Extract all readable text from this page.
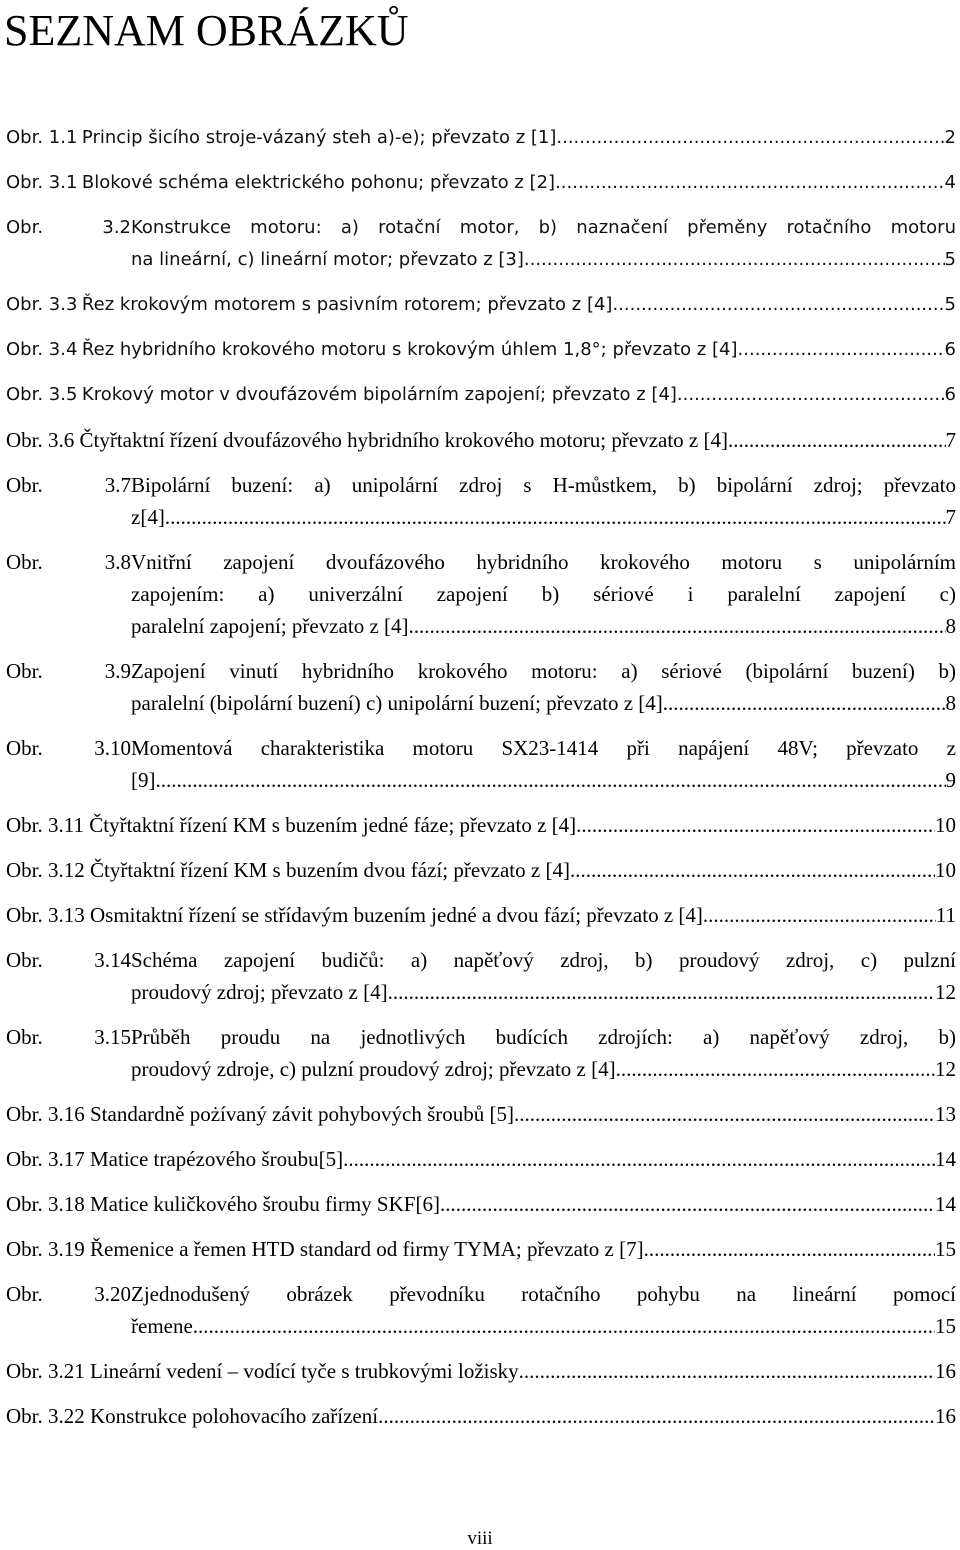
SEZNAM OBRÁZKŮ
Obr. 1.1 Princip šicího stroje-vázaný steh a)-e); převzato z [1] .....	2
Obr. 3.1 Blokové schéma elektrického pohonu; převzato z [2] .....	4
Obr. 3.2 Konstrukce motoru: a) rotační motor, b) naznačení přeměny rotačního motoru
na lineární, c) lineární motor; převzato z [3] .....	5
Obr. 3.3 Řez krokovým motorem s pasivním rotorem; převzato z [4] .....	5
Obr. 3.4 Řez hybridního krokového motoru s krokovým úhlem 1,8°; převzato z [4] .....	6
Obr. 3.5 Krokový motor v dvoufázovém bipolárním zapojení; převzato z [4] .....	6
Obr. 3.6 Čtyřtaktní řízení dvoufázového hybridního krokového motoru; převzato z [4] .....	7
Obr. 3.7 Bipolární buzení: a) unipolární zdroj s H-můstkem, b) bipolární zdroj; převzato
z[4] .....	7
Obr. 3.8 Vnitřní zapojení dvoufázového hybridního krokového motoru s unipolárním
zapojením: a) univerzální zapojení b) sériové i paralelní zapojení c)
paralelní zapojení; převzato z [4] .....	8
Obr. 3.9 Zapojení vinutí hybridního krokového motoru: a) sériové (bipolární buzení) b)
paralelní (bipolární buzení) c) unipolární buzení; převzato z [4] .....	8
Obr. 3.10 Momentová charakteristika motoru SX23-1414 při napájení 48V; převzato z
[9] .....	9
Obr. 3.11 Čtyřtaktní řízení KM s buzením jedné fáze; převzato z [4] .....	10
Obr. 3.12 Čtyřtaktní řízení KM s buzením dvou fází; převzato z [4] .....	10
Obr. 3.13 Osmitaktní řízení se střídavým buzením jedné a dvou fází; převzato z [4] .....	11
Obr. 3.14 Schéma zapojení budičů: a) napěťový zdroj, b) proudový zdroj, c) pulzní
proudový zdroj; převzato z [4] .....	12
Obr. 3.15 Průběh proudu na jednotlivých budících zdrojích: a) napěťový zdroj, b)
proudový zdroje, c) pulzní proudový zdroj; převzato z [4] .....	12
Obr. 3.16 Standardně pożívaný závit pohybových šroubů [5] .....	13
Obr. 3.17 Matice trapézového šroubu[5] .....	14
Obr. 3.18 Matice kuličkového šroubu firmy SKF[6] .....	14
Obr. 3.19 Řemenice a řemen HTD standard od firmy TYMA; převzato z [7] .....	15
Obr. 3.20 Zjednodušený obrázek převodníku rotačního pohybu na lineární pomocí
řemene. .....	15
Obr. 3.21 Lineární vedení – vodící tyče s trubkovými ložisky .....	16
Obr. 3.22 Konstrukce polohovacího zařízení .....	16
viii
